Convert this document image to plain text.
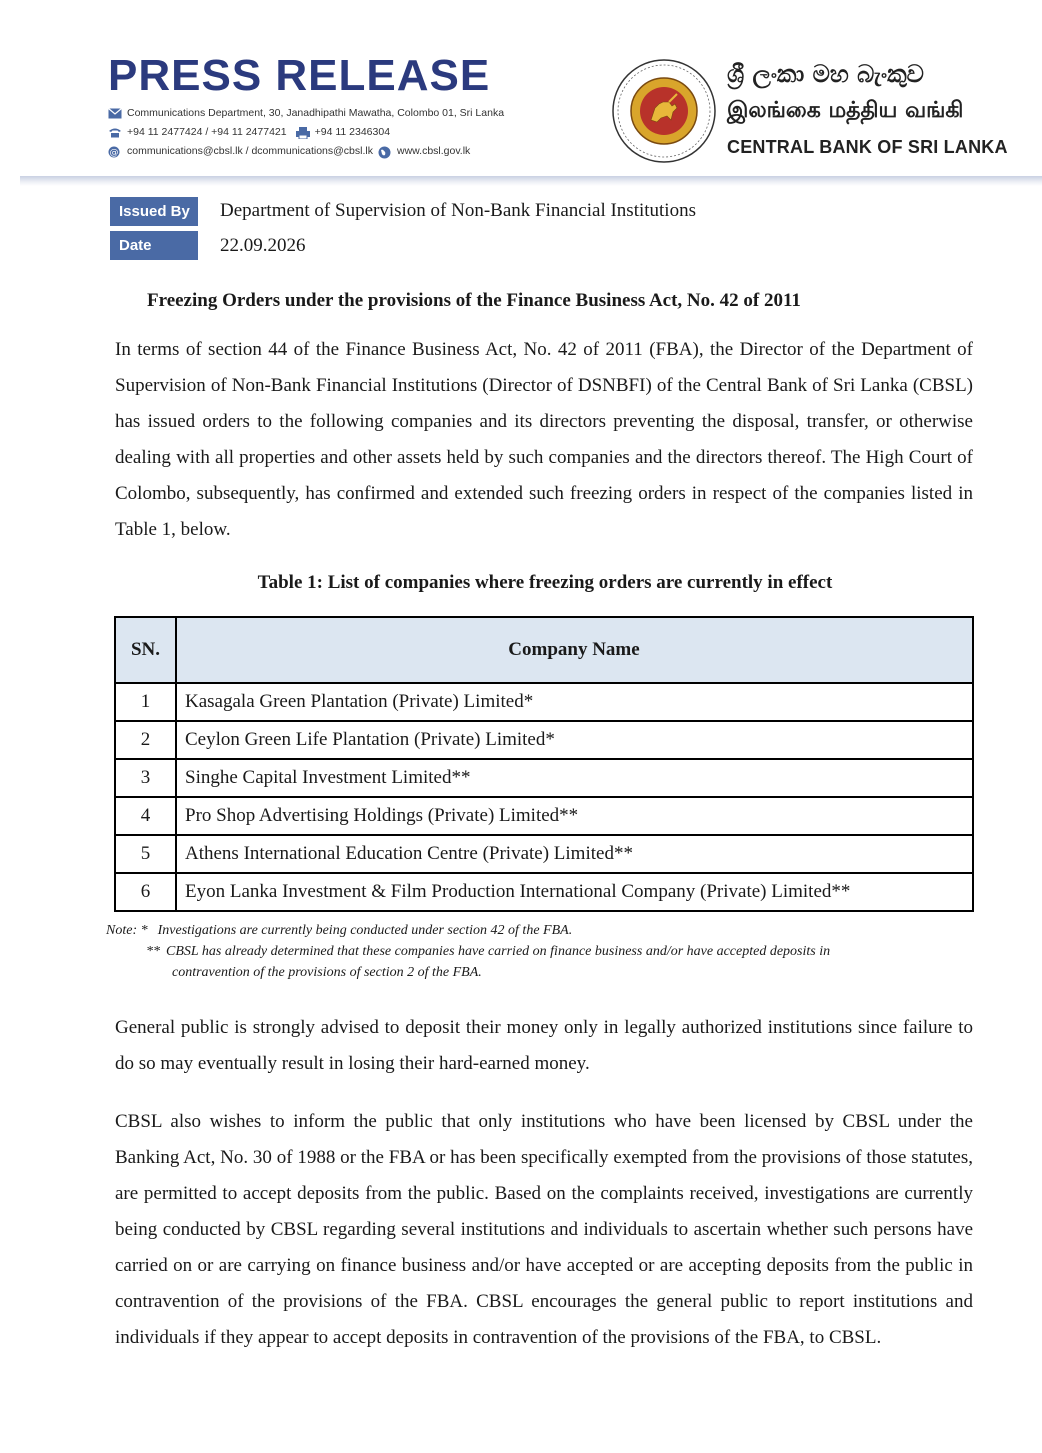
PRESS RELEASE
Communications Department, 30, Janadhipathi Mawatha, Colombo 01, Sri Lanka
+94 11 2477424 / +94 11 2477421	+94 11 2346304
@ communications@cbsl.lk / dcommunications@cbsl.lk www.cbsl.gov.lk
ශ්‍රී ලංකා මහ බැංකුව
இலங்கை மத்திய வங்கி
CENTRAL BANK OF SRI LANKA
Issued By	Department of Supervision of Non-Bank Financial Institutions
Date	22.09.2026
Freezing Orders under the provisions of the Finance Business Act, No. 42 of 2011
In terms of section 44 of the Finance Business Act, No. 42 of 2011 (FBA), the Director of the Department of Supervision of Non-Bank Financial Institutions (Director of DSNBFI) of the Central Bank of Sri Lanka (CBSL) has issued orders to the following companies and its directors preventing the disposal, transfer, or otherwise dealing with all properties and other assets held by such companies and the directors thereof. The High Court of Colombo, subsequently, has confirmed and extended such freezing orders in respect of the companies listed in Table 1, below.
Table 1: List of companies where freezing orders are currently in effect
SN.	Company Name
1	Kasagala Green Plantation (Private) Limited*
2	Ceylon Green Life Plantation (Private) Limited*
3	Singhe Capital Investment Limited**
4	Pro Shop Advertising Holdings (Private) Limited**
5	Athens International Education Centre (Private) Limited**
6	Eyon Lanka Investment & Film Production International Company (Private) Limited**
Note: * Investigations are currently being conducted under section 42 of the FBA.
** CBSL has already determined that these companies have carried on finance business and/or have accepted deposits in
contravention of the provisions of section 2 of the FBA.
General public is strongly advised to deposit their money only in legally authorized institutions since failure to do so may eventually result in losing their hard-earned money.
CBSL also wishes to inform the public that only institutions who have been licensed by CBSL under the Banking Act, No. 30 of 1988 or the FBA or has been specifically exempted from the provisions of those statutes, are permitted to accept deposits from the public. Based on the complaints received, investigations are currently being conducted by CBSL regarding several institutions and individuals to ascertain whether such persons have carried on or are carrying on finance business and/or have accepted or are accepting deposits from the public in contravention of the provisions of the FBA. CBSL encourages the general public to report institutions and individuals if they appear to accept deposits in contravention of the provisions of the FBA, to CBSL.
